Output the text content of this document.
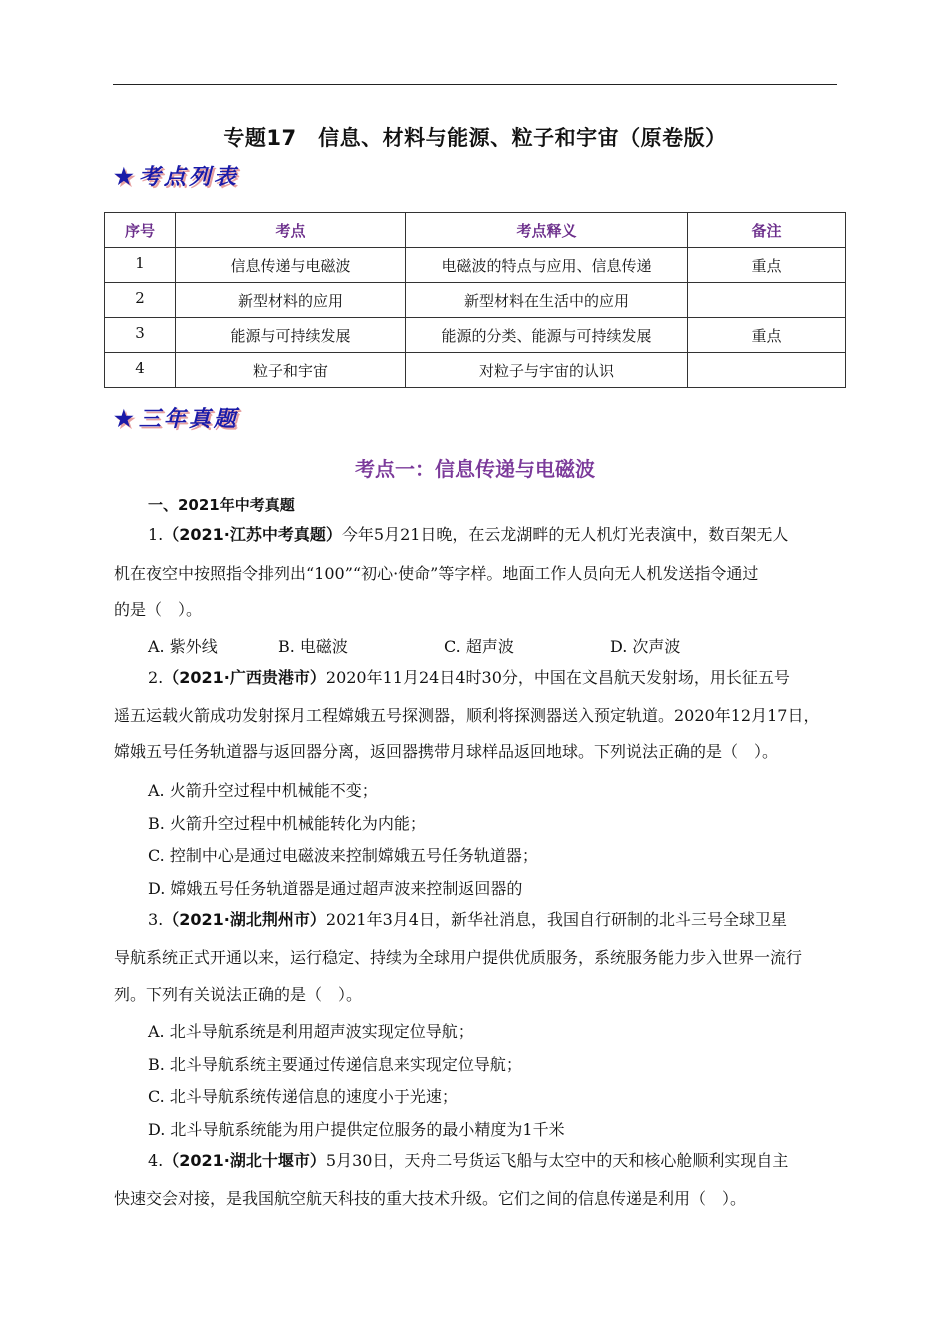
专题17　信息、材料与能源、粒子和宇宙（原卷版）
★考点列表
序号	考点	考点释义	备注
1	信息传递与电磁波	电磁波的特点与应用、信息传递	重点
2	新型材料的应用	新型材料在生活中的应用	
3	能源与可持续发展	能源的分类、能源与可持续发展	重点
4	粒子和宇宙	对粒子与宇宙的认识	
★三年真题
考点一：信息传递与电磁波
一、2021年中考真题
1.（2021·江苏中考真题）今年5月21日晚，在云龙湖畔的无人机灯光表演中，数百架无人
机在夜空中按照指令排列出“100”“初心·使命”等字样。地面工作人员向无人机发送指令通过
的是（　）。
A. 紫外线	B. 电磁波	C. 超声波	D. 次声波
2.（2021·广西贵港市）2020年11月24日4时30分，中国在文昌航天发射场，用长征五号
遥五运载火箭成功发射探月工程嫦娥五号探测器，顺利将探测器送入预定轨道。2020年12月17日，
嫦娥五号任务轨道器与返回器分离，返回器携带月球样品返回地球。下列说法正确的是（　）。
A. 火箭升空过程中机械能不变；
B. 火箭升空过程中机械能转化为内能；
C. 控制中心是通过电磁波来控制嫦娥五号任务轨道器；
D. 嫦娥五号任务轨道器是通过超声波来控制返回器的
3.（2021·湖北荆州市）2021年3月4日，新华社消息，我国自行研制的北斗三号全球卫星
导航系统正式开通以来，运行稳定、持续为全球用户提供优质服务，系统服务能力步入世界一流行
列。下列有关说法正确的是（　）。
A. 北斗导航系统是利用超声波实现定位导航；
B. 北斗导航系统主要通过传递信息来实现定位导航；
C. 北斗导航系统传递信息的速度小于光速；
D. 北斗导航系统能为用户提供定位服务的最小精度为1千米
4.（2021·湖北十堰市）5月30日，天舟二号货运飞船与太空中的天和核心舱顺利实现自主
快速交会对接，是我国航空航天科技的重大技术升级。它们之间的信息传递是利用（　）。
